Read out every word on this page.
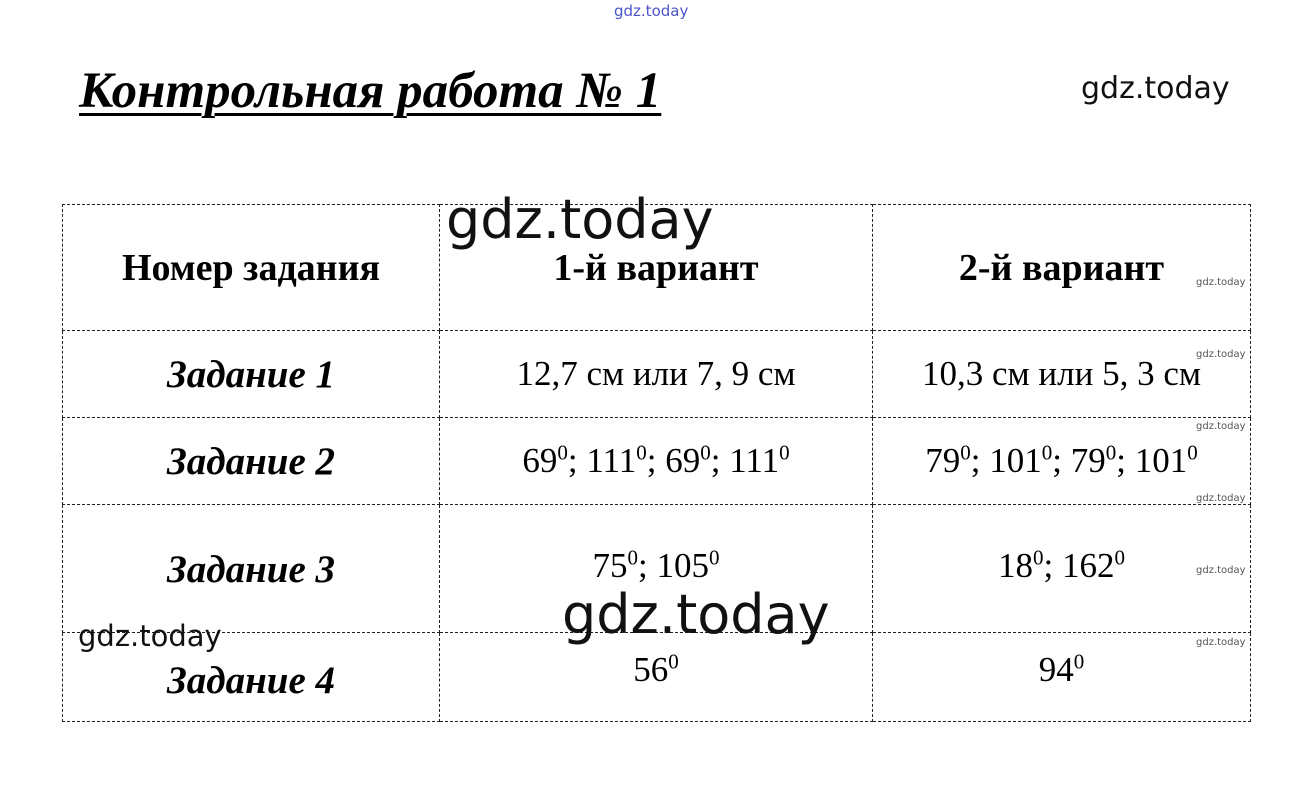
gdz.today
Контрольная работа № 1	gdz.today
Номер задания	1-й вариант	2-й вариант
Задание 1	12,7 см или 7, 9 см	10,3 см или 5, 3 см
Задание 2	$69^0$; $111^0$; $69^0$; $111^0$	$79^0$; $101^0$; $79^0$; $101^0$
Задание 3	$75^0$; $105^0$	$18^0$; $162^0$
Задание 4	$56^0$	$94^0$
gdz.today
gdz.today
gdz.today
gdz.today
gdz.today
gdz.today
gdz.today
gdz.today
gdz.today
